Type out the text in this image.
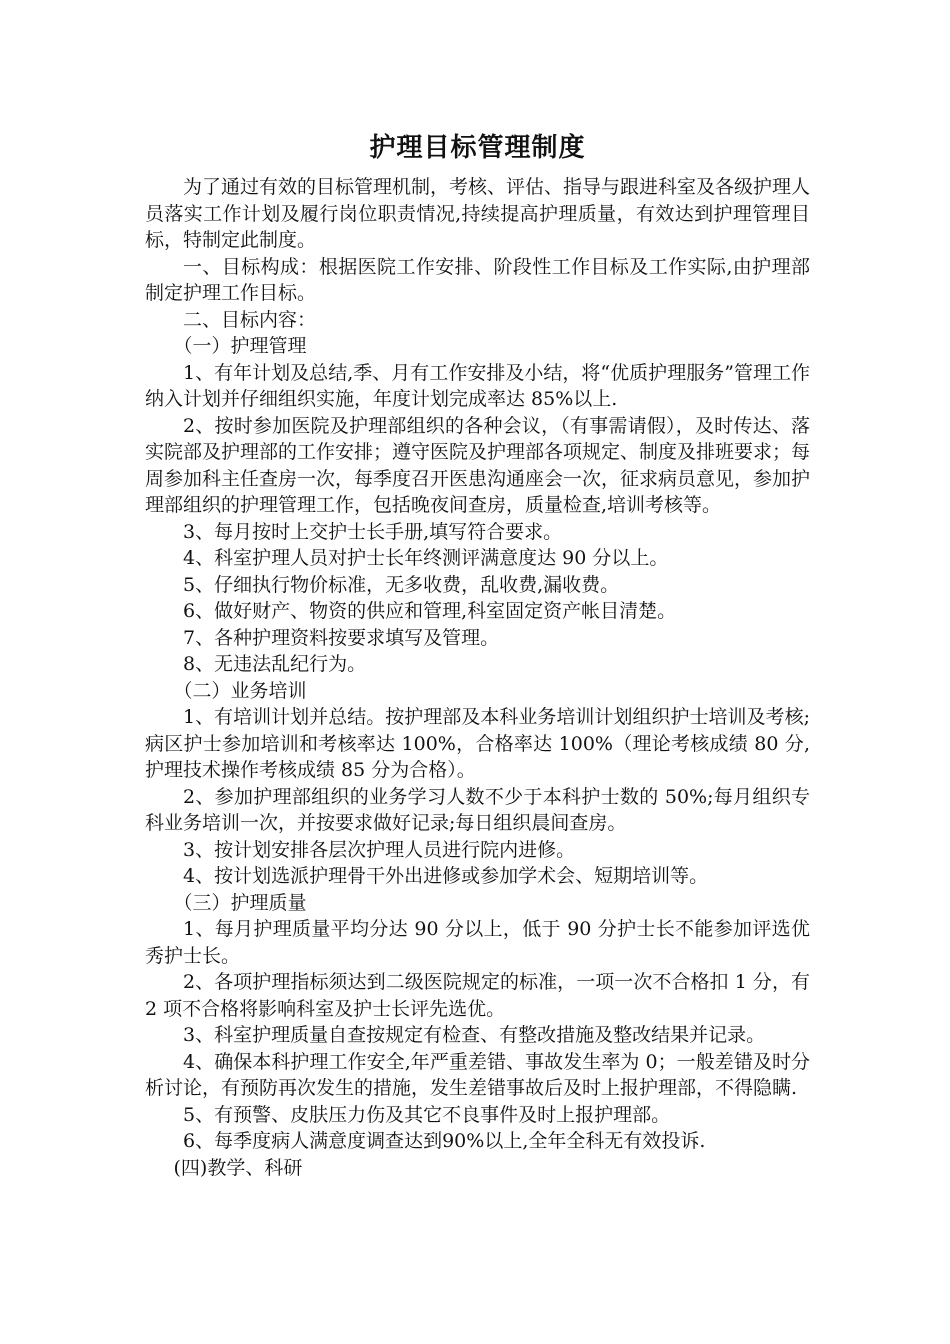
护理目标管理制度

为了通过有效的目标管理机制，考核、评估、指导与跟进科室及各级护理人员落实工作计划及履行岗位职责情况,持续提高护理质量，有效达到护理管理目标，特制定此制度。

一、目标构成：根据医院工作安排、阶段性工作目标及工作实际,由护理部制定护理工作目标。

二、目标内容：

（一）护理管理

1、有年计划及总结,季、月有工作安排及小结，将“优质护理服务”管理工作纳入计划并仔细组织实施，年度计划完成率达 85%以上.

2、按时参加医院及护理部组织的各种会议，（有事需请假），及时传达、落实院部及护理部的工作安排；遵守医院及护理部各项规定、制度及排班要求；每周参加科主任查房一次，每季度召开医患沟通座会一次，征求病员意见，参加护理部组织的护理管理工作，包括晚夜间查房，质量检查,培训考核等。

3、每月按时上交护士长手册,填写符合要求。

4、科室护理人员对护士长年终测评满意度达 90 分以上。

5、仔细执行物价标准，无多收费，乱收费,漏收费。

6、做好财产、物资的供应和管理,科室固定资产帐目清楚。

7、各种护理资料按要求填写及管理。

8、无违法乱纪行为。

（二）业务培训

1、有培训计划并总结。按护理部及本科业务培训计划组织护士培训及考核;病区护士参加培训和考核率达 100%，合格率达 100%（理论考核成绩 80 分,护理技术操作考核成绩 85 分为合格）。

2、参加护理部组织的业务学习人数不少于本科护士数的 50%;每月组织专科业务培训一次，并按要求做好记录;每日组织晨间查房。

3、按计划安排各层次护理人员进行院内进修。

4、按计划选派护理骨干外出进修或参加学术会、短期培训等。

（三）护理质量

1、每月护理质量平均分达 90 分以上，低于 90 分护士长不能参加评选优秀护士长。

2、各项护理指标须达到二级医院规定的标准，一项一次不合格扣 1 分，有 2 项不合格将影响科室及护士长评先选优。

3、科室护理质量自查按规定有检查、有整改措施及整改结果并记录。

4、确保本科护理工作安全,年严重差错、事故发生率为 0；一般差错及时分析讨论，有预防再次发生的措施，发生差错事故后及时上报护理部，不得隐瞒.

5、有预警、皮肤压力伤及其它不良事件及时上报护理部。

6、每季度病人满意度调查达到90%以上,全年全科无有效投诉.

(四)教学、科研
